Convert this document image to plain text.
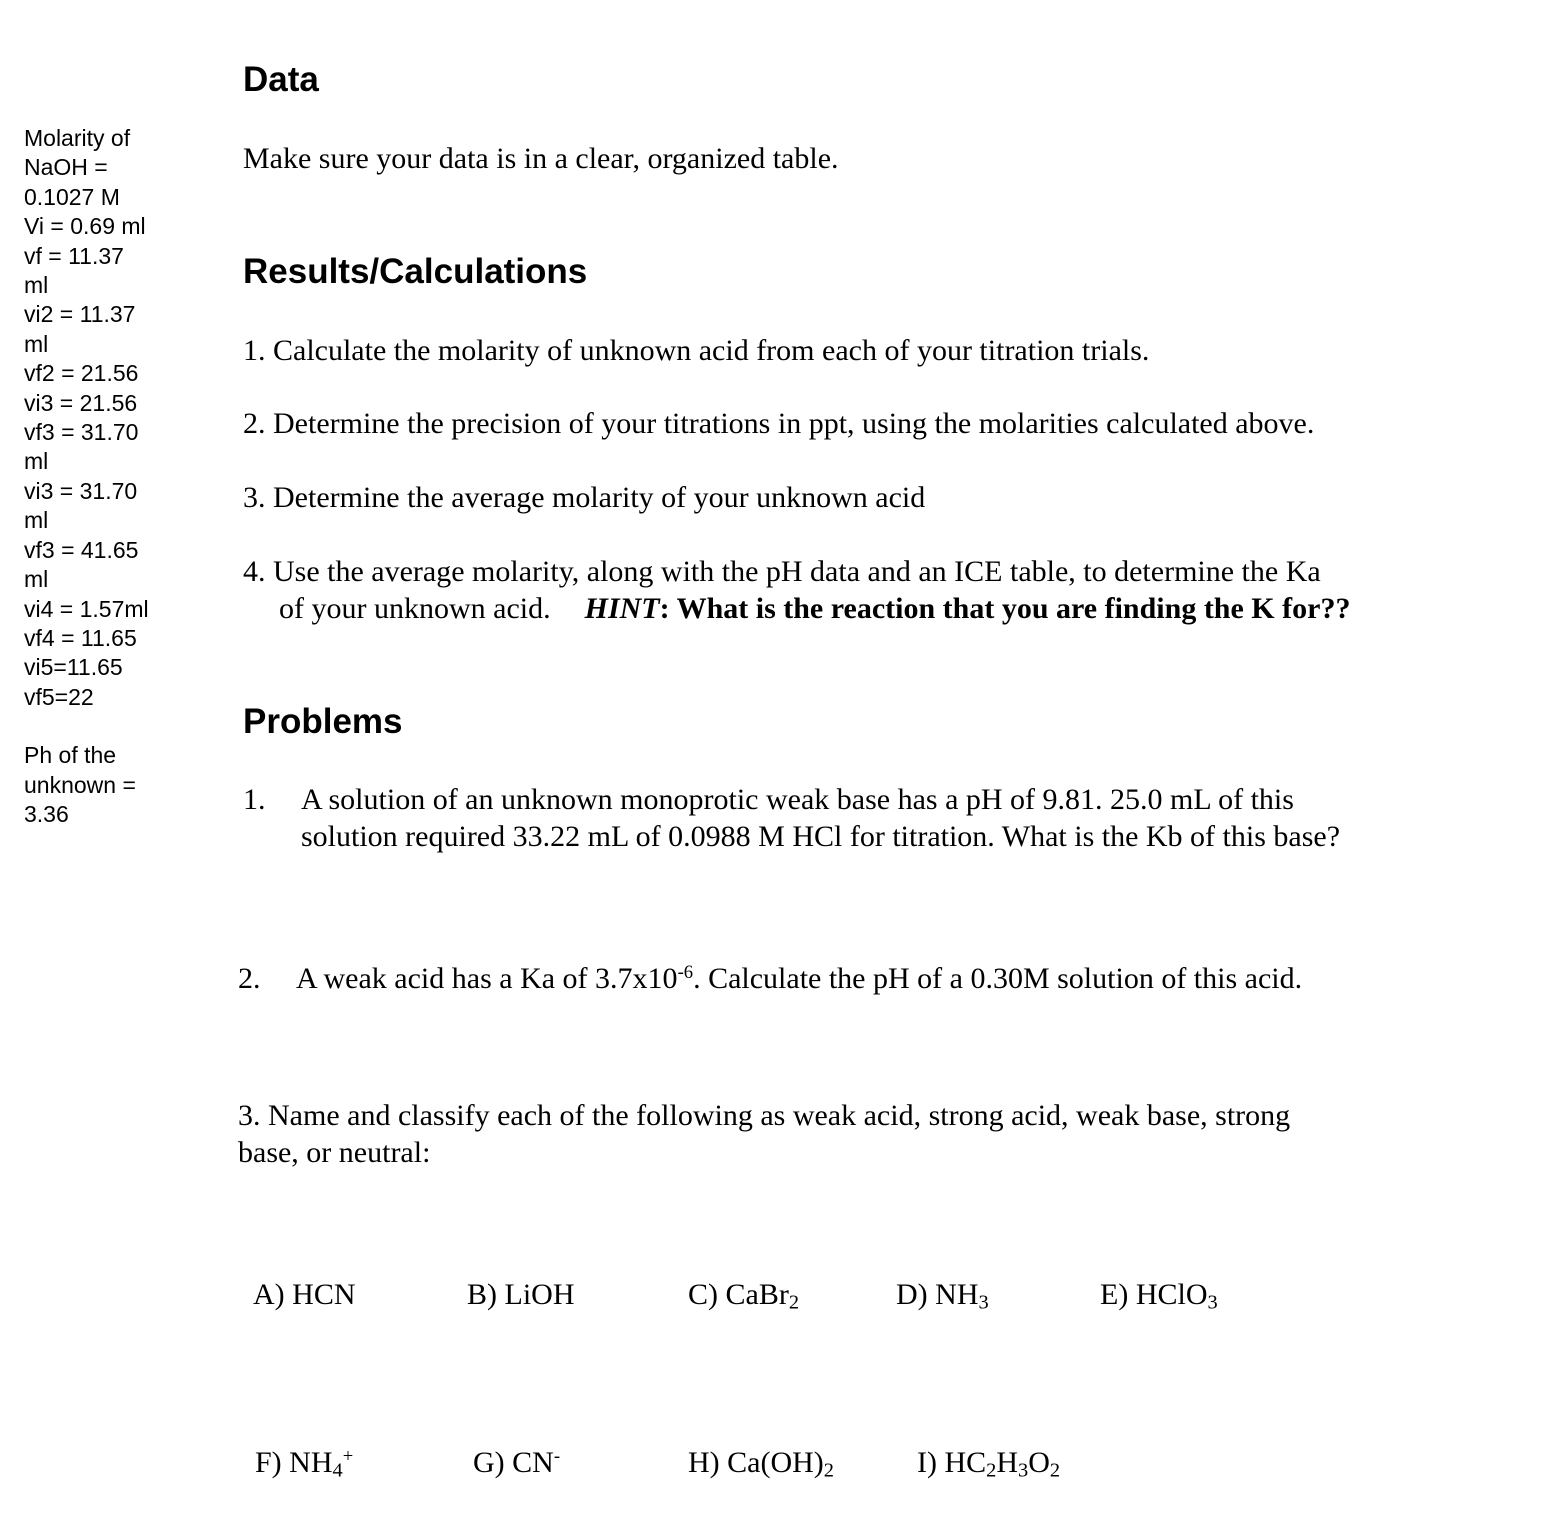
Molarity of
NaOH =
0.1027 M
Vi = 0.69 ml
vf = 11.37
ml
vi2 = 11.37
ml
vf2 = 21.56
vi3 = 21.56
vf3 = 31.70
ml
vi3 = 31.70
ml
vf3 = 41.65
ml
vi4 = 1.57ml
vf4 = 11.65
vi5=11.65
vf5=22
Ph of the
unknown =
3.36
Data

Make sure your data is in a clear, organized table.

Results/Calculations

1. Calculate the molarity of unknown acid from each of your titration trials.

2. Determine the precision of your titrations in ppt, using the molarities calculated above.

3. Determine the average molarity of your unknown acid

4. Use the average molarity, along with the pH data and an ICE table, to determine the Ka
of your unknown acid. HINT: What is the reaction that you are finding the K for??

Problems
1.	A solution of an unknown monoprotic weak base has a pH of 9.81. 25.0 mL of this
solution required 33.22 mL of 0.0988 M HCl for titration. What is the Kb of this base?
2.	A weak acid has a Ka of $3.7x10^{-6}$. Calculate the pH of a 0.30M solution of this acid.

3. Name and classify each of the following as weak acid, strong acid, weak base, strong
base, or neutral:

A) HCN	B) LiOH	C) CaBr$_2$	D) $NH_3$	E) HClO$_3$
F) $NH_4^+$	G) CN-	H) $Ca(OH)_2$	I) $HC_2H_3O_2$
